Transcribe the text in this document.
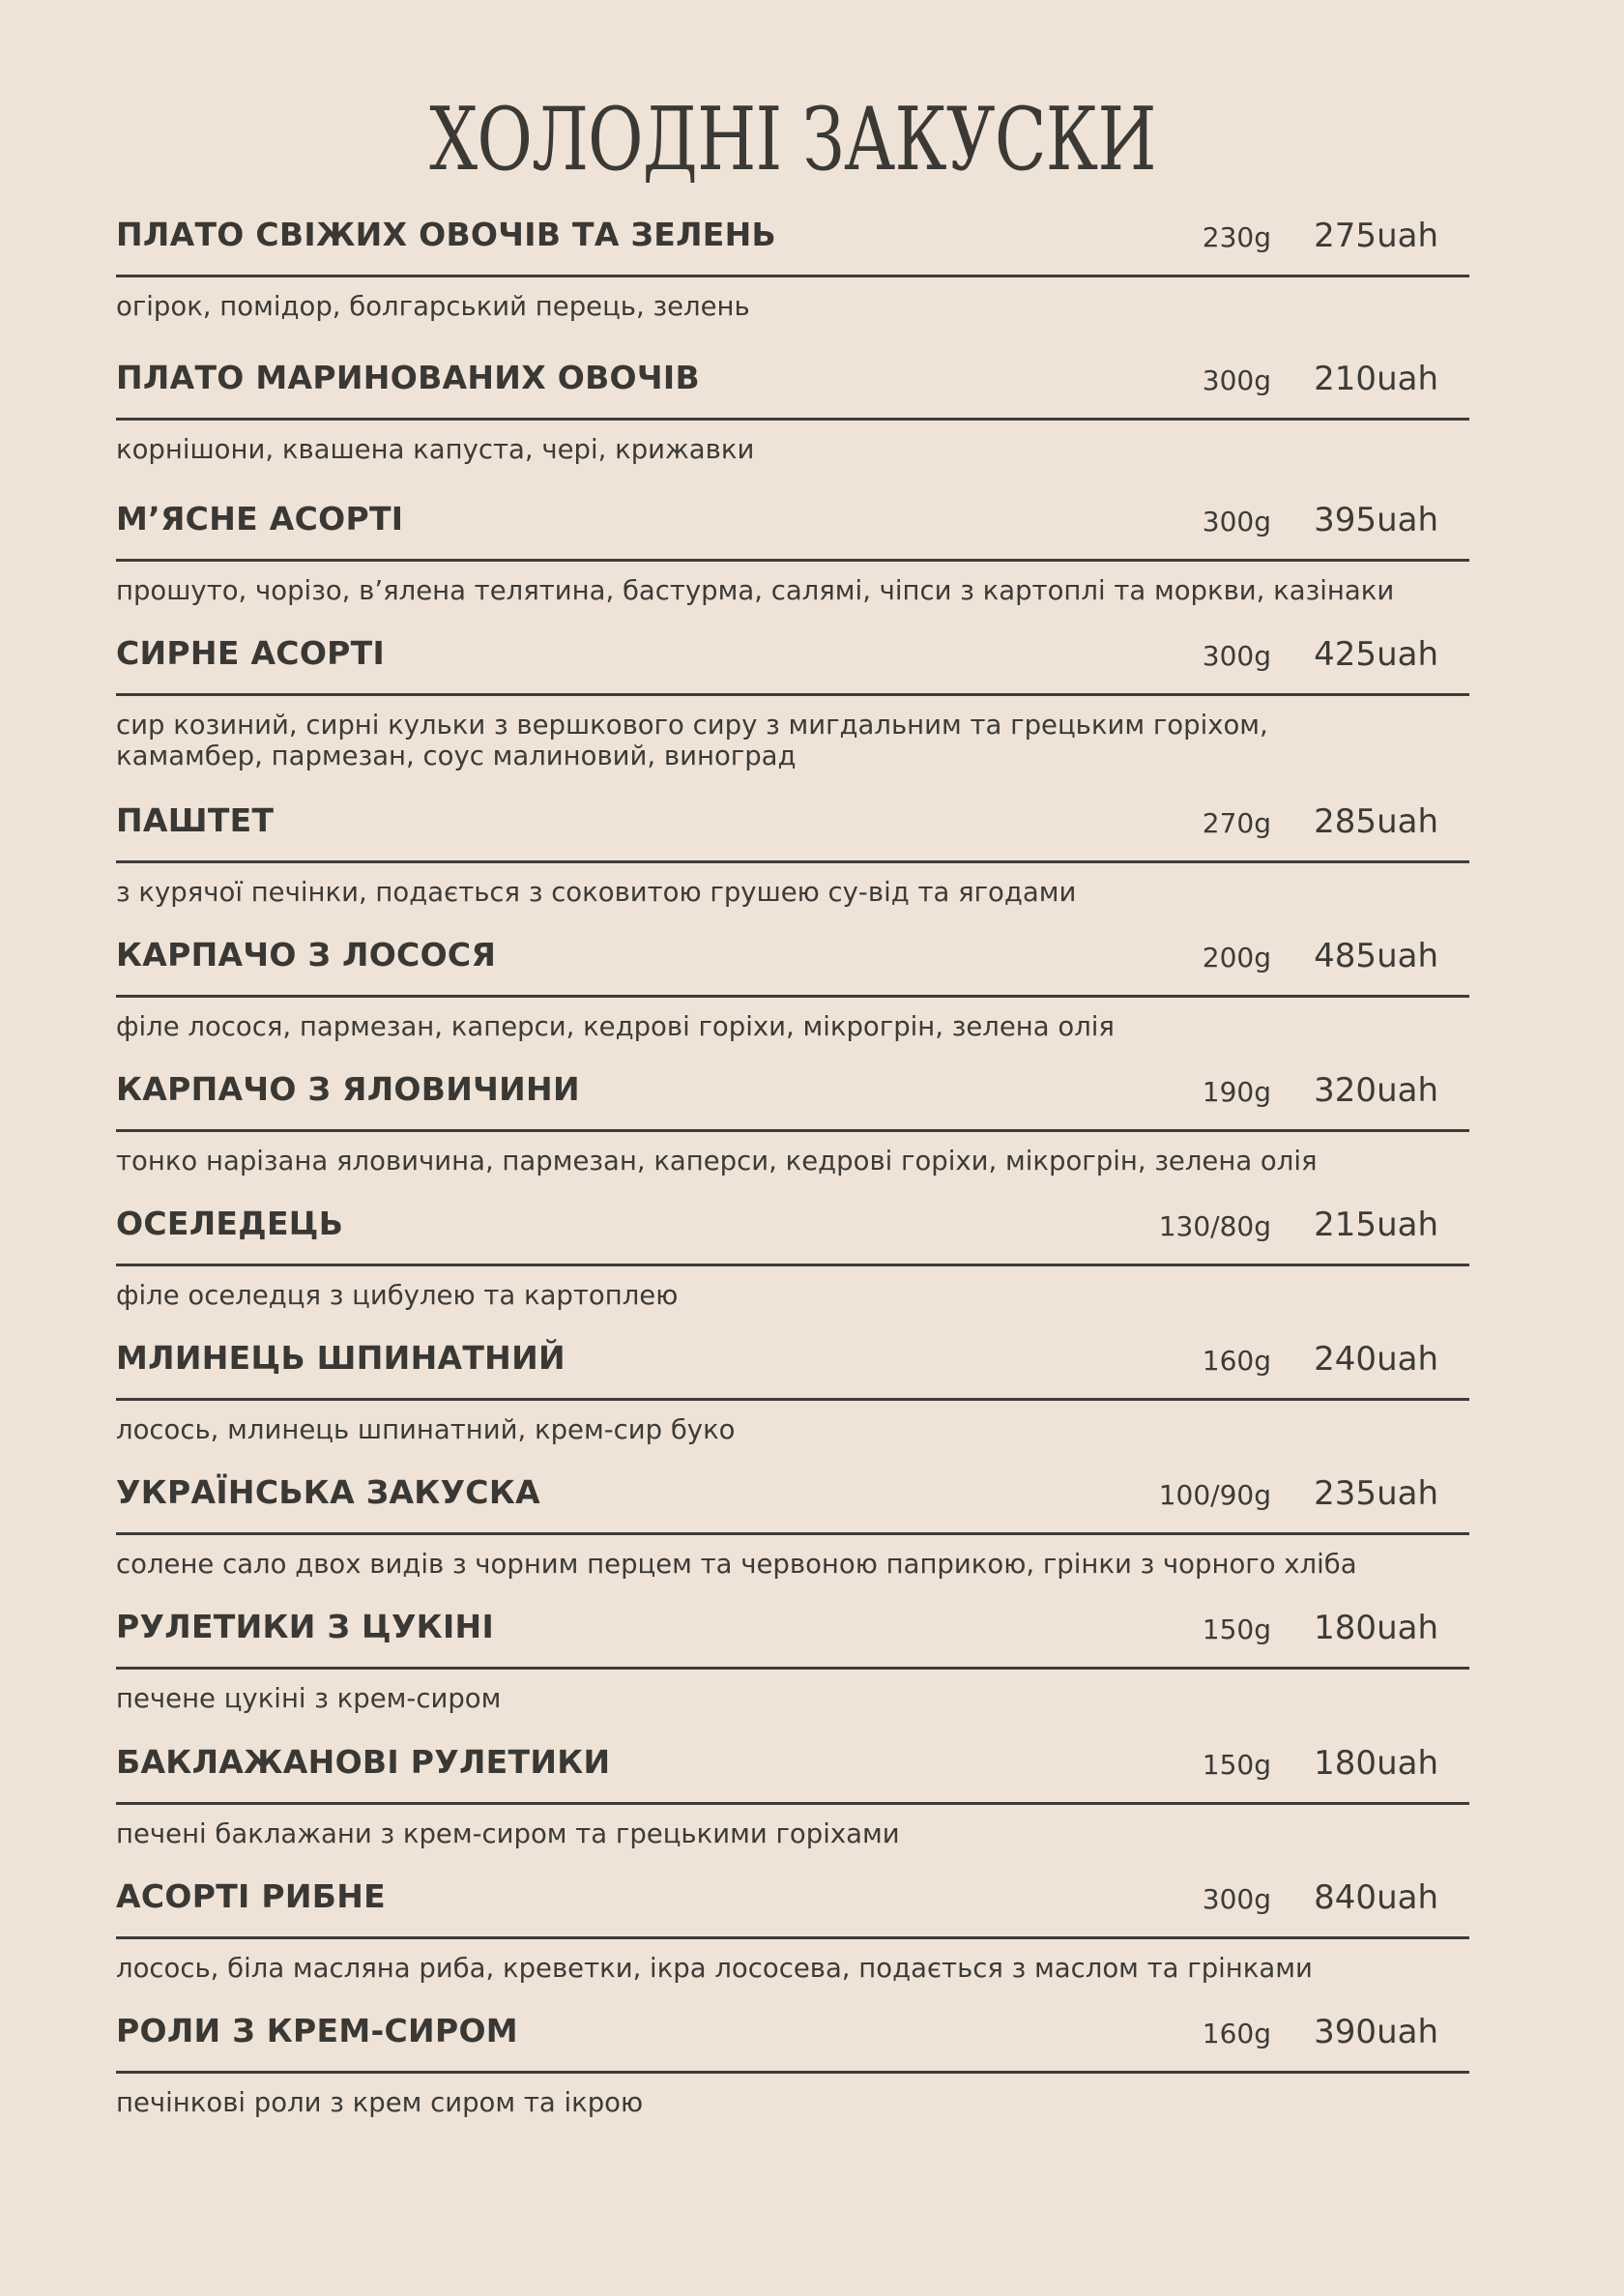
ХОЛОДНІ ЗАКУСКИ
ПЛАТО СВІЖИХ ОВОЧІВ ТА ЗЕЛЕНЬ	230g 275uah
огірок, помідор, болгарський перець, зелень
ПЛАТО МАРИНОВАНИХ ОВОЧІВ	300g 210uah
корнішони, квашена капуста, чері, крижавки
М’ЯСНЕ АСОРТІ	300g 395uah
прошуто, чорізо, в’ялена телятина, бастурма, салямі, чіпси з картоплі та моркви, казінаки
СИРНЕ АСОРТІ	300g 425uah
сир козиний, сирні кульки з вершкового сиру з мигдальним та грецьким горіхом,
камамбер, пармезан, соус малиновий, виноград
ПАШТЕТ	270g 285uah
з курячої печінки, подається з соковитою грушею су-від та ягодами
КАРПАЧО З ЛОСОСЯ	200g 485uah
філе лосося, пармезан, каперси, кедрові горіхи, мікрогрін, зелена олія
КАРПАЧО З ЯЛОВИЧИНИ	190g 320uah
тонко нарізана яловичина, пармезан, каперси, кедрові горіхи, мікрогрін, зелена олія
ОСЕЛЕДЕЦЬ	130/80g 215uah
філе оселедця з цибулею та картоплею
МЛИНЕЦЬ ШПИНАТНИЙ	160g 240uah
лосось, млинець шпинатний, крем-сир буко
УКРАЇНСЬКА ЗАКУСКА	100/90g 235uah
солене сало двох видів з чорним перцем та червоною паприкою, грінки з чорного хліба
РУЛЕТИКИ З ЦУКІНІ	150g 180uah
печене цукіні з крем-сиром
БАКЛАЖАНОВІ РУЛЕТИКИ	150g 180uah
печені баклажани з крем-сиром та грецькими горіхами
АСОРТІ РИБНЕ	300g 840uah
лосось, біла масляна риба, креветки, ікра лососева, подається з маслом та грінками
РОЛИ З КРЕМ-СИРОМ	160g 390uah
печінкові роли з крем сиром та ікрою
